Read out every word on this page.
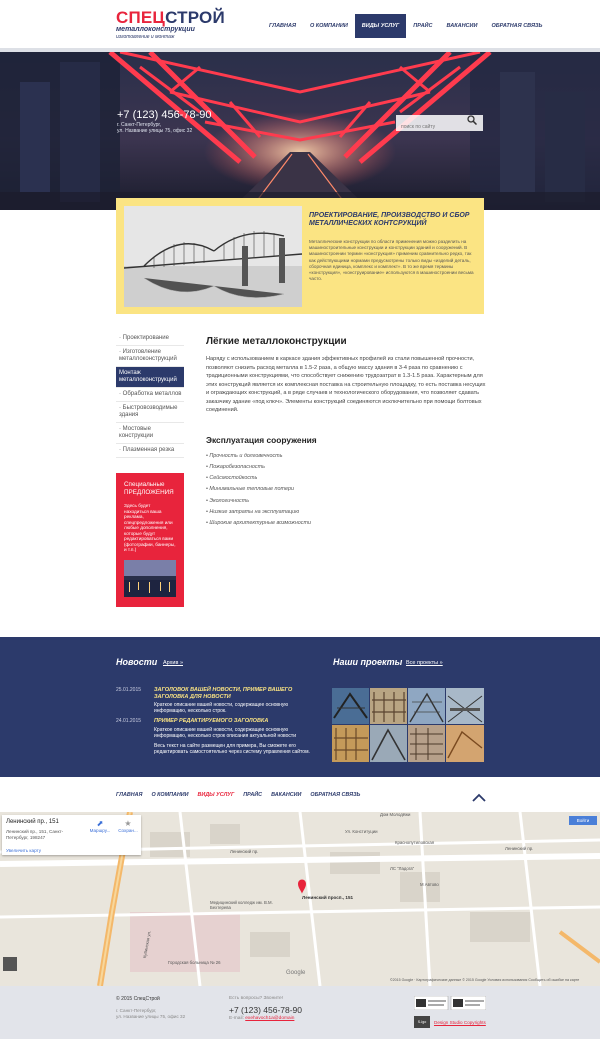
СПЕЦСТРОЙ
металлоконструкции
изготовление и монтаж
ГЛАВНАЯ	О КОМПАНИИ	ВИДЫ УСЛУГ	ПРАЙС	ВАКАНСИИ	ОБРАТНАЯ СВЯЗЬ
+7 (123) 456-78-90
г. Санкт-Петербург,
ул. Название улицы 75, офис 32
поиск по сайту
ПРОЕКТИРОВАНИЕ, ПРОИЗВОДСТВО И СБОР МЕТАЛЛИЧЕСКИХ КОНТСРУКЦИЙ
Металлические конструкции по области применения можно разделить на машиностроительные конструкции и конструкции зданий и сооружений. В машиностроении термин «конструкция» применим сравнительно редко, так как действующими нормами предусмотрены только виды «изделий деталь, сборочная единица, комплекс и комплект». В то же время термины «конструкция», «конструирование» используются в машиностроении весьма часто.
· Проектирование
· Изготовление металлоконструкций
Монтаж металлоконструкций
· Обработка металлов
· Быстровозводимые здания
· Мостовые конструкции
· Плазменная резка
Специальные ПРЕДЛОЖЕНИЯ
Здесь будет находиться ваша реклама, спецпредложения или любые дополнения, которые будут редактироваться вами (фотографии, баннеры, и т.п.)
Лёгкие металлоконструкции
Наряду с использованием в каркасе здания эффективных профилей из стали повышенной прочности, позволяют снизить расход металла в 1.5-2 раза, а общую массу здания в 3-4 раза по сравнению с традиционными конструкциями, что способствует снижению трудозатрат в 1.3-1.5 раза. Характерным для этих конструкций является их комплексная поставка на строительную площадку, то есть поставка несущих и ограждающих конструкций, а в ряде случаев и технологического оборудования, что позволяет сдавать заказчику здание «под ключ». Элементы конструкций соединяются исключительно при помощи болтовых соединений.
Эксплуатация сооружения
• Прочность и долговечность
• Пожаробезопасность
• Сейсмостойкость
• Минимальные тепловые потери
• Экологичность
• Низкие затраты на эксплуатацию
• Широкие архитектурные возможности
Новости Архив »	Наши проекты Все проекты »
25.01.2015 ЗАГОЛОВОК ВАШЕЙ НОВОСТИ, ПРИМЕР ВАШЕГО ЗАГОЛОВКА ДЛЯ НОВОСТИ
Краткое описание вашей новости, содержащее основную информацию, несколько строк.
24.01.2015 ПРИМЕР РЕДАКТИРУЕМОГО ЗАГОЛОВКА
Краткое описание вашей новости, содержащее основную информацию, несколько строк описания актуальной новости
Весь текст на сайте размещен для примера, Вы сможете его редактировать самостоятельно через систему управления сайтом.
ГЛАВНАЯ О КОМПАНИИ ВИДЫ УСЛУГ ПРАЙС ВАКАНСИИ ОБРАТНАЯ СВЯЗЬ
Ленинский пр., 151
Ленинский пр., 151, Санкт-Петербург, 198247
Увеличить карту
⬈
Маршру...
★
Сохран...
Ленинский пр.
Ленинский пр.
Ул. Конституции
Дом Молодёжи
Краснопутиловская
ЛС "Ладога"
Кубинская ул.
Медицинский колледж им. В.М. Бехтерева
Городская больница № 26
М Автово
Google
Ленинский просп., 151
©2015 Google · Картографические данные © 2015 Google Условия использования Сообщить об ошибке на карте
Войти
© 2015 СпецСтрой
г. Санкт-Петербург,
ул. Название улицы 75, офис 32
Есть вопросы? Звоните!
+7 (123) 456-78-90
E-mail: exehavoch1a@domain
S-lgo	Design Studio Copyrights
